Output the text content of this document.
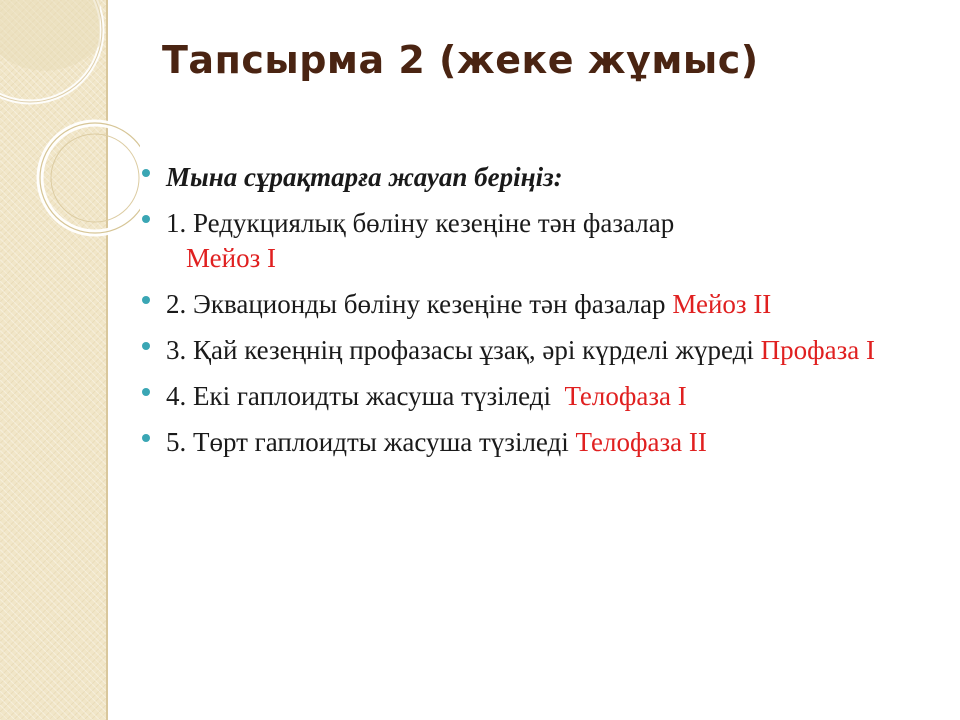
Тапсырма 2 (жеке жұмыс)
Мына сұрақтарға жауап беріңіз:
1. Редукциялық бөліну кезеңіне тән фазалар
Мейоз I
2. Эквационды бөліну кезеңіне тән фазалар Мейоз II
3. Қай кезеңнің профазасы ұзақ, әрі күрделі жүреді Профаза I
4. Екі гаплоидты жасуша түзіледі Телофаза I
5. Төрт гаплоидты жасуша түзіледі Телофаза II
